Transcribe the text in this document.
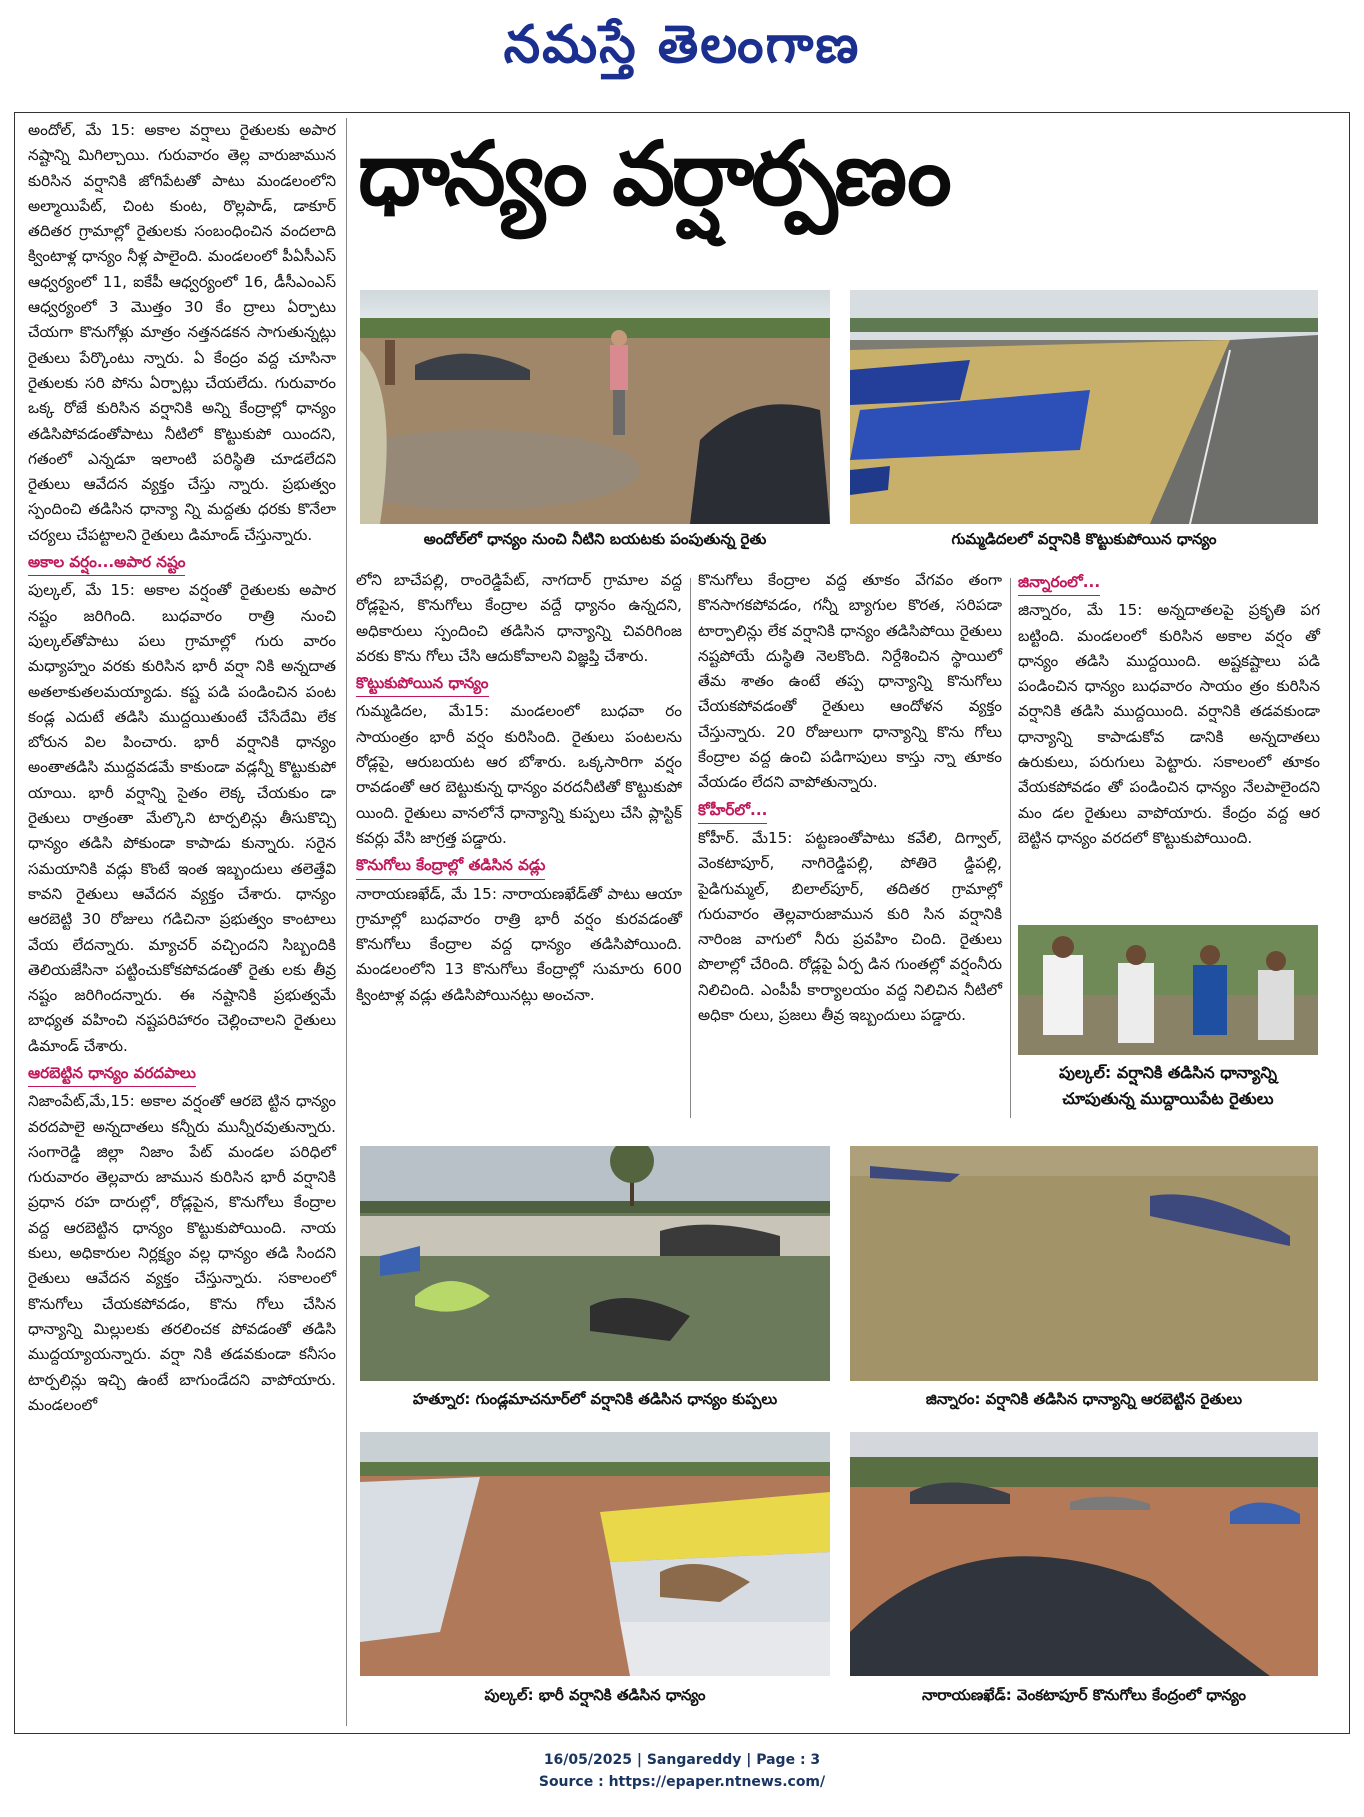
నమస్తే తెలంగాణ

అందోల్, మే 15: అకాల వర్షాలు రైతులకు అపార నష్టాన్ని మిగిల్చాయి. గురువారం తెల్ల వారుజామున కురిసిన వర్షానికి జోగిపేటతో పాటు మండలంలోని అల్మాయిపేట్, చింట కుంట, రొల్లపాడ్, డాకూర్ తదితర గ్రామాల్లో రైతులకు సంబంధించిన వందలాది క్వింటాళ్ల ధాన్యం నీళ్ల పాలైంది. మండలంలో పీఏసీఎస్ ఆధ్వర్యంలో 11, ఐకేపీ ఆధ్వర్యంలో 16, డీసీఎంఎస్ ఆధ్వర్యంలో 3 మొత్తం 30 కేం ద్రాలు ఏర్పాటు చేయగా కొనుగోళ్లు మాత్రం నత్తనడకన సాగుతున్నట్లు రైతులు పేర్కొంటు న్నారు. ఏ కేంద్రం వద్ద చూసినా రైతులకు సరి పోను ఏర్పాట్లు చేయలేదు. గురువారం ఒక్క రోజే కురిసిన వర్షానికి అన్ని కేంద్రాల్లో ధాన్యం తడిసిపోవడంతోపాటు నీటిలో కొట్టుకుపో యిందని, గతంలో ఎన్నడూ ఇలాంటి పరిస్థితి చూడలేదని రైతులు ఆవేదన వ్యక్తం చేస్తు న్నారు. ప్రభుత్వం స్పందించి తడిసిన ధాన్యా న్ని మద్దతు ధరకు కొనేలా చర్యలు చేపట్టాలని రైతులు డిమాండ్ చేస్తున్నారు.

అకాల వర్షం...అపార నష్టం

పుల్కల్, మే 15: అకాల వర్షంతో రైతులకు అపార నష్టం జరిగింది. బుధవారం రాత్రి నుంచి పుల్కల్‌తోపాటు పలు గ్రామాల్లో గురు వారం మధ్యాహ్నం వరకు కురిసిన భారీ వర్షా నికి అన్నదాత అతలాకుతలమయ్యాడు. కష్ట పడి పండించిన పంట కండ్ల ఎదుటే తడిసి ముద్దయితుంటే చేసేదేమి లేక బోరున విల పించారు. భారీ వర్షానికి ధాన్యం అంతాతడిసి ముద్దవడమే కాకుండా వడ్లన్నీ కొట్టుకుపో యాయి. భారీ వర్షాన్ని సైతం లెక్క చేయకుం డా రైతులు రాత్రంతా మేల్కొని టార్పలిన్లు తీసుకొచ్చి ధాన్యం తడిసి పోకుండా కాపాడు కున్నారు. సరైన సమయానికి వడ్లు కొంటే ఇంత ఇబ్బందులు తలెత్తేవి కావని రైతులు ఆవేదన వ్యక్తం చేశారు. ధాన్యం ఆరబెట్టి 30 రోజులు గడిచినా ప్రభుత్వం కాంటాలు వేయ లేదన్నారు. మ్యాచర్ వచ్చిందని సిబ్బందికి తెలియజేసినా పట్టించుకోకపోవడంతో రైతు లకు తీవ్ర నష్టం జరిగిందన్నారు. ఈ నష్టానికి ప్రభుత్వమే బాధ్యత వహించి నష్టపరిహారం చెల్లించాలని రైతులు డిమాండ్ చేశారు.

ఆరబెట్టిన ధాన్యం వరదపాలు

నిజాంపేట్,మే,15: అకాల వర్షంతో ఆరబె ట్టిన ధాన్యం వరదపాలై అన్నదాతలు కన్నీరు మున్నీరవుతున్నారు. సంగారెడ్డి జిల్లా నిజాం పేట్ మండల పరిధిలో గురువారం తెల్లవారు జామున కురిసిన భారీ వర్షానికి ప్రధాన రహ దారుల్లో, రోడ్లపైన, కొనుగోలు కేంద్రాల వద్ద ఆరబెట్టిన ధాన్యం కొట్టుకుపోయింది. నాయ కులు, అధికారుల నిర్లక్ష్యం వల్ల ధాన్యం తడి సిందని రైతులు ఆవేదన వ్యక్తం చేస్తున్నారు. సకాలంలో కొనుగోలు చేయకపోవడం, కొను గోలు చేసిన ధాన్యాన్ని మిల్లులకు తరలించక పోవడంతో తడిసి ముద్దయ్యాయన్నారు. వర్షా నికి తడవకుండా కనీసం టార్పలిన్లు ఇచ్చి ఉంటే బాగుండేదని వాపోయారు. మండలంలో

ధాన్యం వర్షార్పణం
అందోల్‌లో ధాన్యం నుంచి నీటిని బయటకు పంపుతున్న రైతు	గుమ్మడిదలలో వర్షానికి కొట్టుకుపోయిన ధాన్యం

లోని బాచేపల్లి, రాంరెడ్డిపేట్, నాగదార్ గ్రామాల వద్ద రోడ్లపైన, కొనుగోలు కేంద్రాల వద్దే ధ్యానం ఉన్నదని, అధికారులు స్పందించి తడిసిన ధాన్యాన్ని చివరిగింజ వరకు కొను గోలు చేసి ఆదుకోవాలని విజ్ఞప్తి చేశారు.

కొట్టుకుపోయిన ధాన్యం

గుమ్మడిదల, మే15: మండలంలో బుధవా రం సాయంత్రం భారీ వర్షం కురిసింది. రైతులు పంటలను రోడ్లపై, ఆరుబయట ఆర బోశారు. ఒక్కసారిగా వర్షం రావడంతో ఆర బెట్టుకున్న ధాన్యం వరదనీటితో కొట్టుకుపో యింది. రైతులు వానలోనే ధాన్యాన్ని కుప్పలు చేసి ప్లాస్టిక్ కవర్లు వేసి జాగ్రత్త పడ్డారు.

కొనుగోలు కేంద్రాల్లో తడిసిన వడ్లు

నారాయణఖేడ్, మే 15: నారాయణఖేడ్‌తో పాటు ఆయా గ్రామాల్లో బుధవారం రాత్రి భారీ వర్షం కురవడంతో కొనుగోలు కేంద్రాల వద్ద ధాన్యం తడిసిపోయింది. మండలంలోని 13 కొనుగోలు కేంద్రాల్లో సుమారు 600 క్వింటాళ్ల వడ్లు తడిసిపోయినట్లు అంచనా.

కొనుగోలు కేంద్రాల వద్ద తూకం వేగవం తంగా కొనసాగకపోవడం, గన్నీ బ్యాగుల కొరత, సరిపడా టార్పాలిన్లు లేక వర్షానికి ధాన్యం తడిసిపోయి రైతులు నష్టపోయే దుస్థితి నెలకొంది. నిర్దేశించిన స్థాయిలో తేమ శాతం ఉంటే తప్ప ధాన్యాన్ని కొనుగోలు చేయకపోవడంతో రైతులు ఆందోళన వ్యక్తం చేస్తున్నారు. 20 రోజులుగా ధాన్యాన్ని కొను గోలు కేంద్రాల వద్ద ఉంచి పడిగాపులు కాస్తు న్నా తూకం వేయడం లేదని వాపోతున్నారు.

కోహీర్‌లో...

కోహీర్. మే15: పట్టణంతోపాటు కవేలి, దిగ్వాల్, వెంకటాపూర్, నాగిరెడ్డిపల్లి, పోతిరె డ్డిపల్లి, పైడిగుమ్మల్, బిలాల్‌పూర్, తదితర గ్రామాల్లో గురువారం తెల్లవారుజామున కురి సిన వర్షానికి నారింజ వాగులో నీరు ప్రవహిం చింది. రైతులు పొలాల్లో చేరింది. రోడ్లపై ఏర్ప డిన గుంతల్లో వర్షంనీరు నిలిచింది. ఎంపీపీ కార్యాలయం వద్ద నిలిచిన నీటిలో అధికా రులు, ప్రజలు తీవ్ర ఇబ్బందులు పడ్డారు.

జిన్నారంలో...

జిన్నారం, మే 15: అన్నదాతలపై ప్రకృతి పగ బట్టింది. మండలంలో కురిసిన అకాల వర్షం తో ధాన్యం తడిసి ముద్దయింది. అష్టకష్టాలు పడి పండించిన ధాన్యం బుధవారం సాయం త్రం కురిసిన వర్షానికి తడిసి ముద్దయింది. వర్షానికి తడవకుండా ధాన్యాన్ని కాపాడుకోవ డానికి అన్నదాతలు ఉరుకులు, పరుగులు పెట్టారు. సకాలంలో తూకం వేయకపోవడం తో పండించిన ధాన్యం నేలపాలైందని మం డల రైతులు వాపోయారు. కేంద్రం వద్ద ఆర బెట్టిన ధాన్యం వరదలో కొట్టుకుపోయింది.

పుల్కల్: వర్షానికి తడిసిన ధాన్యాన్ని
చూపుతున్న ముద్దాయిపేట రైతులు
హత్నూర: గుండ్లమాచనూర్‌లో వర్షానికి తడిసిన ధాన్యం కుప్పలు	జిన్నారం: వర్షానికి తడిసిన ధాన్యాన్ని ఆరబెట్టిన రైతులు
పుల్కల్: భారీ వర్షానికి తడిసిన ధాన్యం	నారాయణఖేడ్: వెంకటాపూర్ కొనుగోలు కేంద్రంలో ధాన్యం
16/05/2025 | Sangareddy | Page : 3
Source : https://epaper.ntnews.com/
